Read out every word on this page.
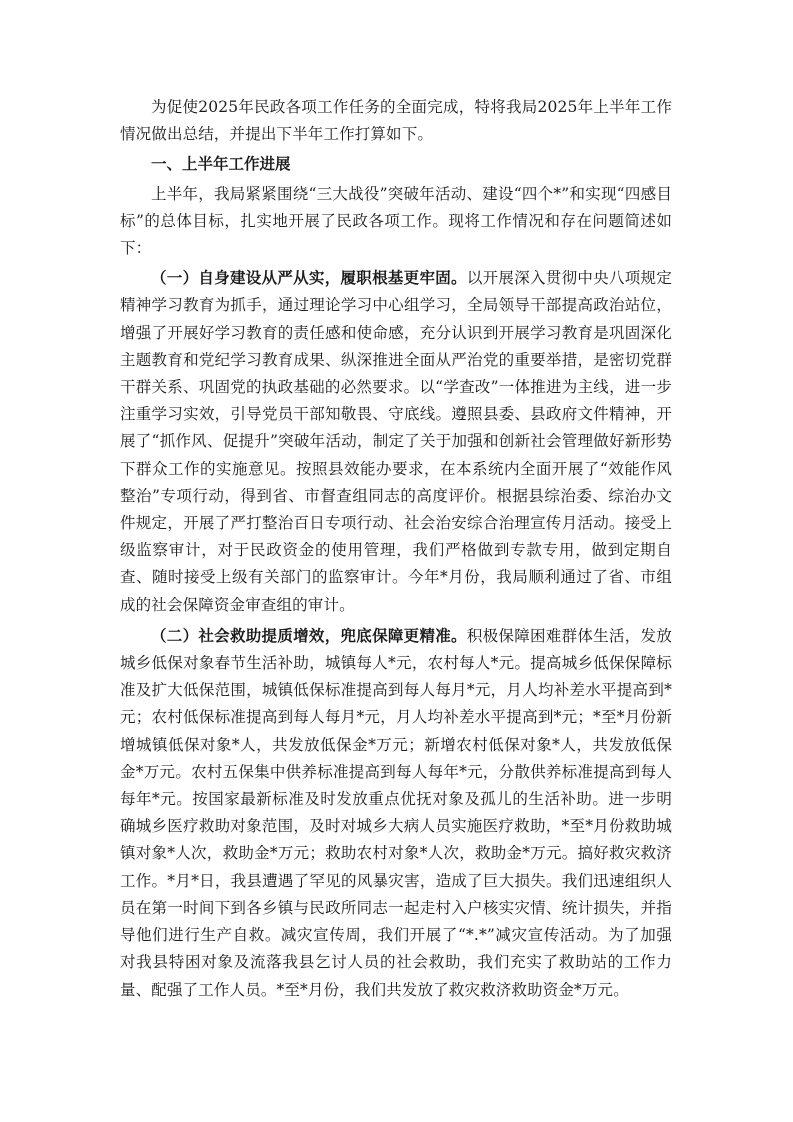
为促使2025年民政各项工作任务的全面完成，特将我局2025年上半年工作情况做出总结，并提出下半年工作打算如下。

一、上半年工作进展

上半年，我局紧紧围绕“三大战役”突破年活动、建设“四个*”和实现“四感目标”的总体目标，扎实地开展了民政各项工作。现将工作情况和存在问题简述如下：

（一）自身建设从严从实，履职根基更牢固。以开展深入贯彻中央八项规定精神学习教育为抓手，通过理论学习中心组学习，全局领导干部提高政治站位，增强了开展好学习教育的责任感和使命感，充分认识到开展学习教育是巩固深化主题教育和党纪学习教育成果、纵深推进全面从严治党的重要举措，是密切党群干群关系、巩固党的执政基础的必然要求。以“学查改”一体推进为主线，进一步注重学习实效，引导党员干部知敬畏、守底线。遵照县委、县政府文件精神，开展了“抓作风、促提升”突破年活动，制定了关于加强和创新社会管理做好新形势下群众工作的实施意见。按照县效能办要求，在本系统内全面开展了“效能作风整治”专项行动，得到省、市督查组同志的高度评价。根据县综治委、综治办文件规定，开展了严打整治百日专项行动、社会治安综合治理宣传月活动。接受上级监察审计，对于民政资金的使用管理，我们严格做到专款专用，做到定期自查、随时接受上级有关部门的监察审计。今年*月份，我局顺利通过了省、市组成的社会保障资金审查组的审计。

（二）社会救助提质增效，兜底保障更精准。积极保障困难群体生活，发放城乡低保对象春节生活补助，城镇每人*元，农村每人*元。提高城乡低保保障标准及扩大低保范围，城镇低保标准提高到每人每月*元，月人均补差水平提高到*元；农村低保标准提高到每人每月*元，月人均补差水平提高到*元；*至*月份新增城镇低保对象*人，共发放低保金*万元；新增农村低保对象*人，共发放低保金*万元。农村五保集中供养标准提高到每人每年*元，分散供养标准提高到每人每年*元。按国家最新标准及时发放重点优抚对象及孤儿的生活补助。进一步明确城乡医疗救助对象范围，及时对城乡大病人员实施医疗救助，*至*月份救助城镇对象*人次，救助金*万元；救助农村对象*人次，救助金*万元。搞好救灾救济工作。*月*日，我县遭遇了罕见的风暴灾害，造成了巨大损失。我们迅速组织人员在第一时间下到各乡镇与民政所同志一起走村入户核实灾情、统计损失，并指导他们进行生产自救。减灾宣传周，我们开展了“*.*”减灾宣传活动。为了加强对我县特困对象及流落我县乞讨人员的社会救助，我们充实了救助站的工作力量、配强了工作人员。*至*月份，我们共发放了救灾救济救助资金*万元。
